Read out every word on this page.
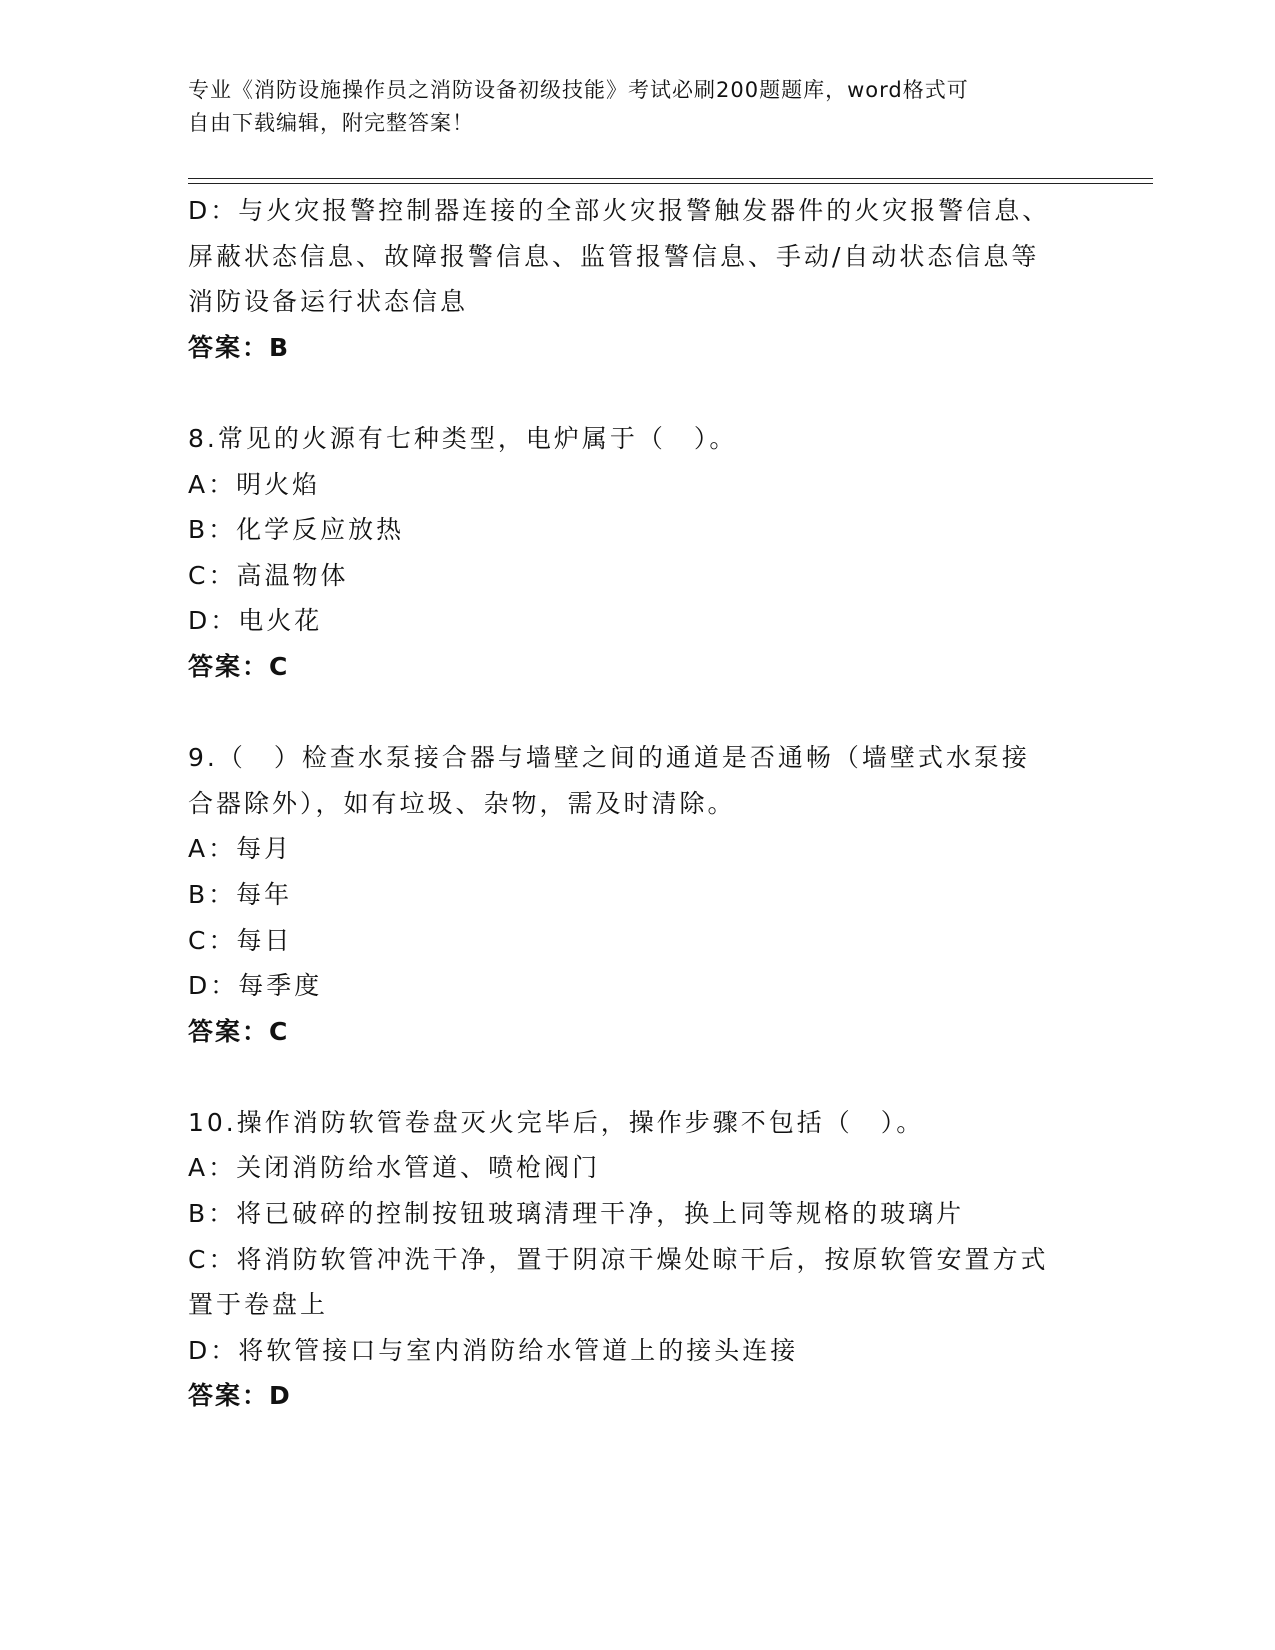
专业《消防设施操作员之消防设备初级技能》考试必刷200题题库，word格式可
自由下载编辑，附完整答案！

D：与火灾报警控制器连接的全部火灾报警触发器件的火灾报警信息、

屏蔽状态信息、故障报警信息、监管报警信息、手动/自动状态信息等

消防设备运行状态信息

答案：B

8.常见的火源有七种类型，电炉属于（　）。

A：明火焰

B：化学反应放热

C：高温物体

D：电火花

答案：C

9.（　）检查水泵接合器与墙壁之间的通道是否通畅（墙壁式水泵接

合器除外），如有垃圾、杂物，需及时清除。

A：每月

B：每年

C：每日

D：每季度

答案：C

10.操作消防软管卷盘灭火完毕后，操作步骤不包括（　）。

A：关闭消防给水管道、喷枪阀门

B：将已破碎的控制按钮玻璃清理干净，换上同等规格的玻璃片

C：将消防软管冲洗干净，置于阴凉干燥处晾干后，按原软管安置方式

置于卷盘上

D：将软管接口与室内消防给水管道上的接头连接

答案：D
